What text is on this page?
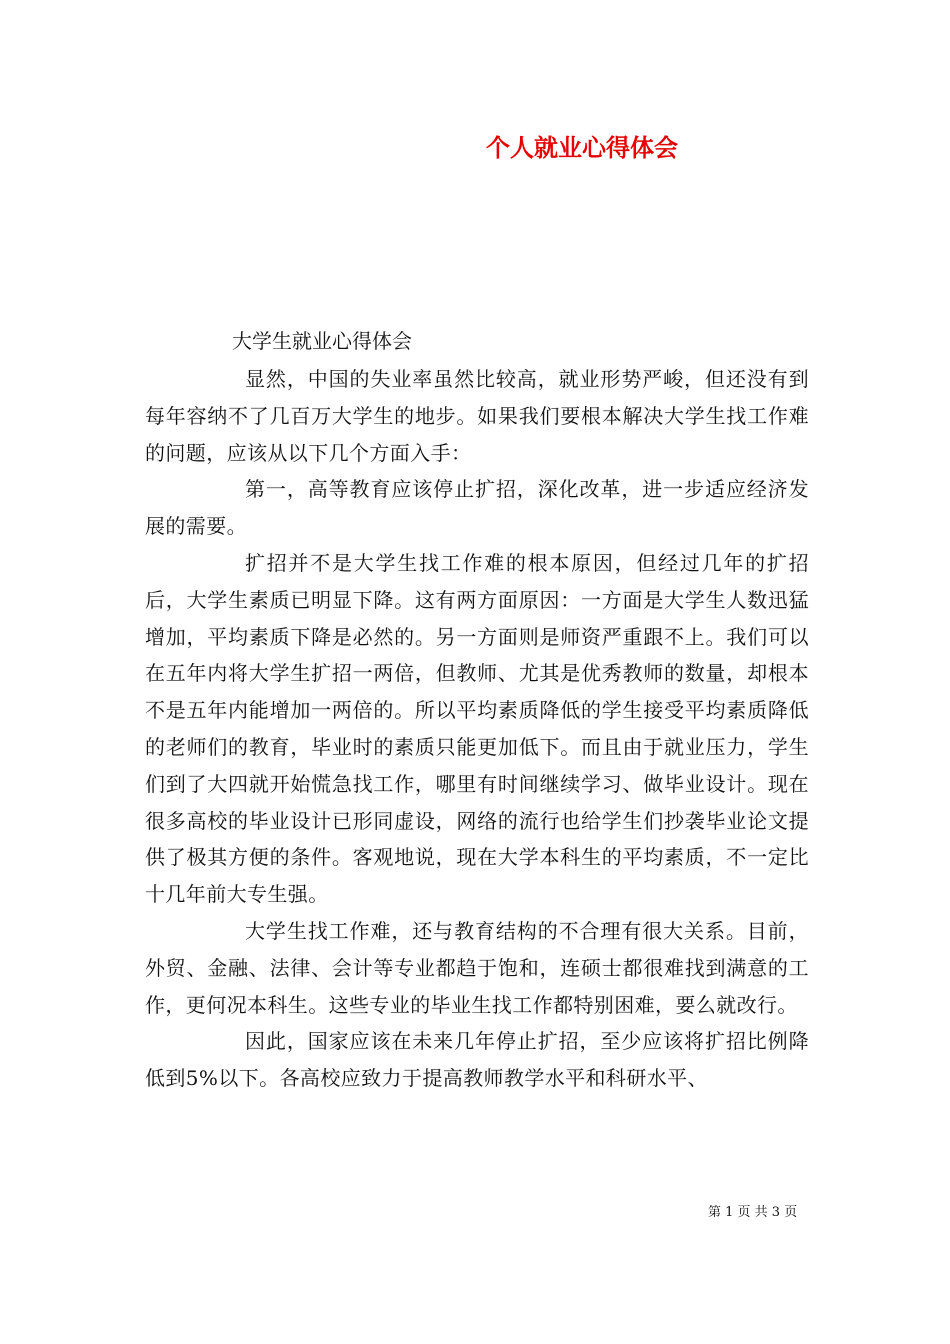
个人就业心得体会

大学生就业心得体会

显然，中国的失业率虽然比较高，就业形势严峻，但还没有到每年容纳不了几百万大学生的地步。如果我们要根本解决大学生找工作难的问题，应该从以下几个方面入手：

第一，高等教育应该停止扩招，深化改革，进一步适应经济发展的需要。

扩招并不是大学生找工作难的根本原因，但经过几年的扩招后，大学生素质已明显下降。这有两方面原因：一方面是大学生人数迅猛增加，平均素质下降是必然的。另一方面则是师资严重跟不上。我们可以在五年内将大学生扩招一两倍，但教师、尤其是优秀教师的数量，却根本不是五年内能增加一两倍的。所以平均素质降低的学生接受平均素质降低的老师们的教育，毕业时的素质只能更加低下。而且由于就业压力，学生们到了大四就开始慌急找工作，哪里有时间继续学习、做毕业设计。现在很多高校的毕业设计已形同虚设，网络的流行也给学生们抄袭毕业论文提供了极其方便的条件。客观地说，现在大学本科生的平均素质，不一定比十几年前大专生强。

大学生找工作难，还与教育结构的不合理有很大关系。目前，外贸、金融、法律、会计等专业都趋于饱和，连硕士都很难找到满意的工作，更何况本科生。这些专业的毕业生找工作都特别困难，要么就改行。

因此，国家应该在未来几年停止扩招，至少应该将扩招比例降低到5%以下。各高校应致力于提高教师教学水平和科研水平、

第 1 页 共 3 页
